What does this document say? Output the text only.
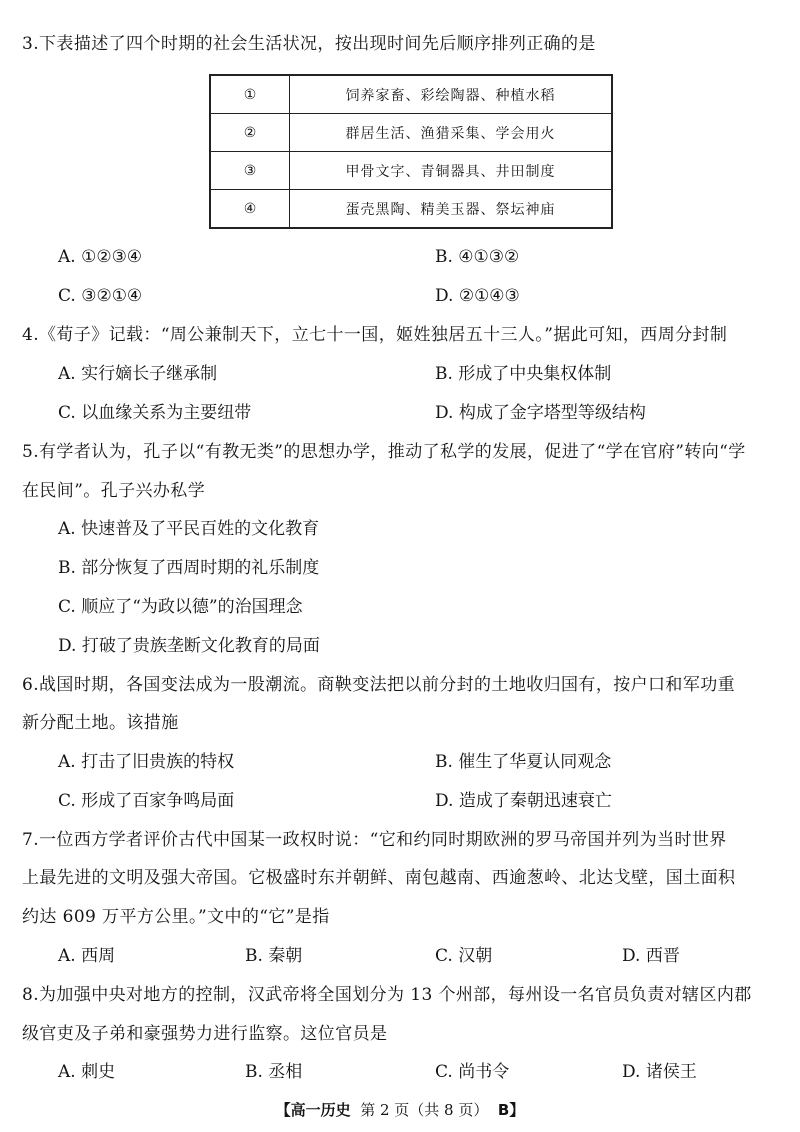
3.下表描述了四个时期的社会生活状况，按出现时间先后顺序排列正确的是
①	饲养家畜、彩绘陶器、种植水稻
②	群居生活、渔猎采集、学会用火
③	甲骨文字、青铜器具、井田制度
④	蛋壳黑陶、精美玉器、祭坛神庙
A. ①②③④	B. ④①③②
C. ③②①④	D. ②①④③
4.《荀子》记载：“周公兼制天下，立七十一国，姬姓独居五十三人。”据此可知，西周分封制
A. 实行嫡长子继承制	B. 形成了中央集权体制
C. 以血缘关系为主要纽带	D. 构成了金字塔型等级结构
5.有学者认为，孔子以“有教无类”的思想办学，推动了私学的发展，促进了“学在官府”转向“学
在民间”。孔子兴办私学
A. 快速普及了平民百姓的文化教育
B. 部分恢复了西周时期的礼乐制度
C. 顺应了“为政以德”的治国理念
D. 打破了贵族垄断文化教育的局面
6.战国时期，各国变法成为一股潮流。商鞅变法把以前分封的土地收归国有，按户口和军功重
新分配土地。该措施
A. 打击了旧贵族的特权	B. 催生了华夏认同观念
C. 形成了百家争鸣局面	D. 造成了秦朝迅速衰亡
7.一位西方学者评价古代中国某一政权时说：“它和约同时期欧洲的罗马帝国并列为当时世界
上最先进的文明及强大帝国。它极盛时东并朝鲜、南包越南、西逾葱岭、北达戈壁，国土面积
约达 609 万平方公里。”文中的“它”是指
A. 西周	B. 秦朝	C. 汉朝	D. 西晋
8.为加强中央对地方的控制，汉武帝将全国划分为 13 个州部，每州设一名官员负责对辖区内郡
级官吏及子弟和豪强势力进行监察。这位官员是
A. 刺史	B. 丞相	C. 尚书令	D. 诸侯王
【高一历史 第 2 页（共 8 页） B】
